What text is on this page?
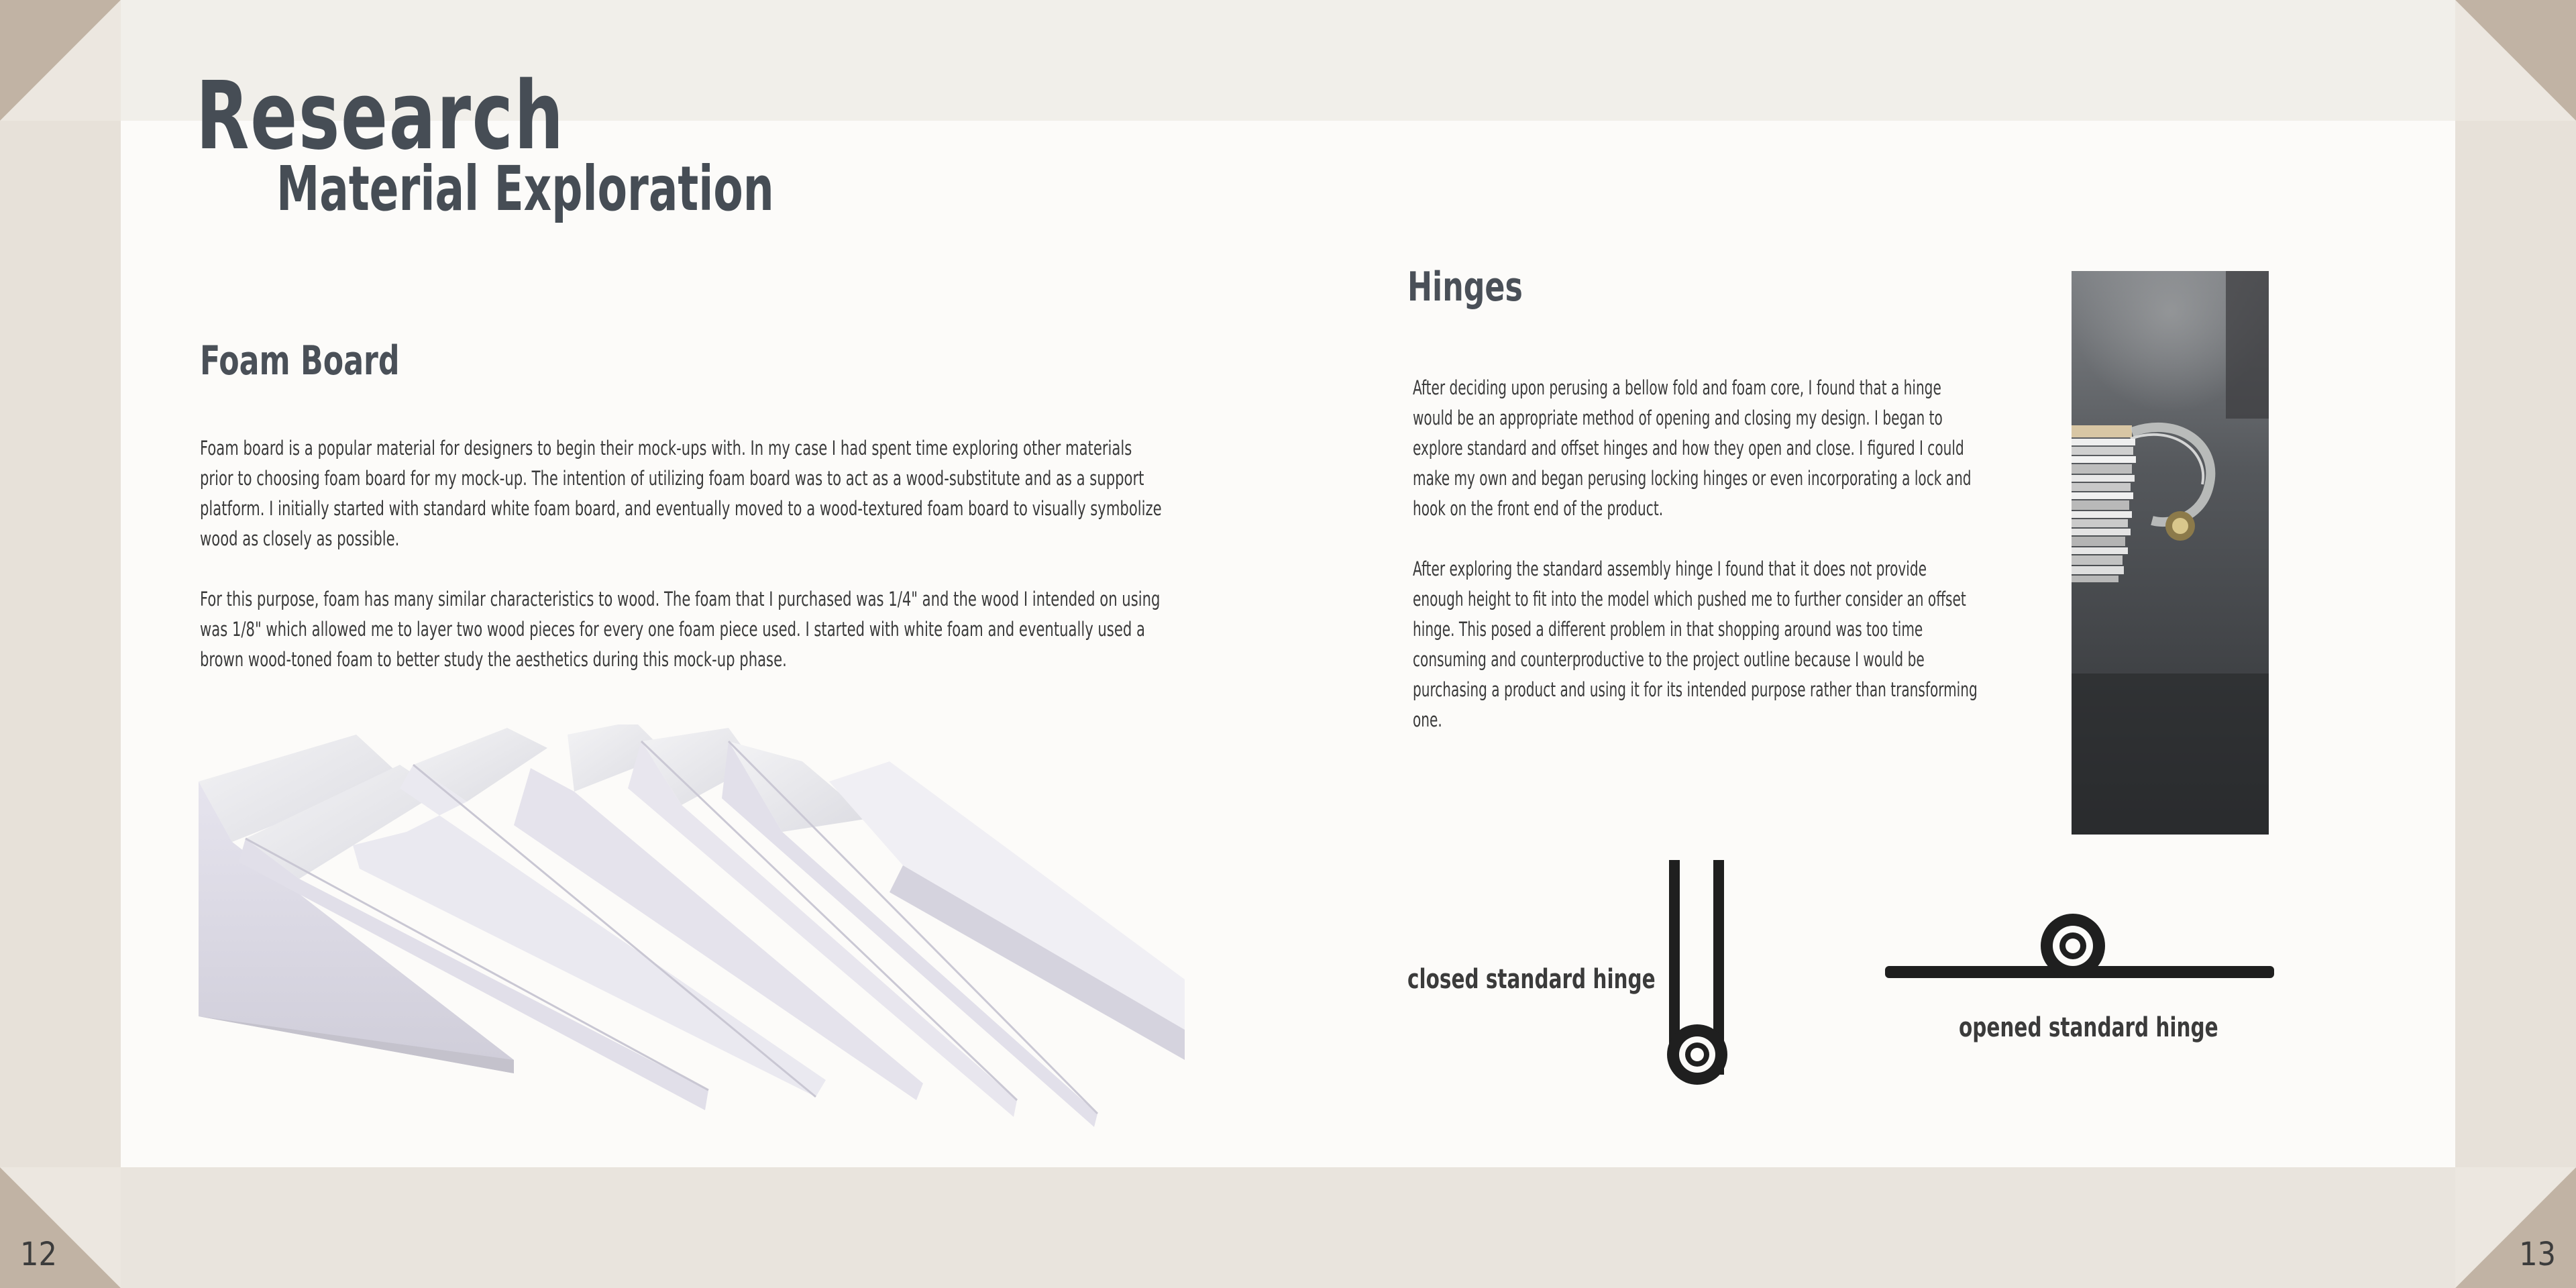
Research
Material Exploration
Foam Board

Foam board is a popular material for designers to begin their mock-ups with. In my case I had spent time exploring other materials prior to choosing foam board for my mock-up. The intention of utilizing foam board was to act as a wood-substitute and as a support platform. I initially started with standard white foam board, and eventually moved to a wood-textured foam board to visually symbolize wood as closely as possible.

For this purpose, foam has many similar characteristics to wood. The foam that I purchased was 1/4" and the wood I intended on using was 1/8" which allowed me to layer two wood pieces for every one foam piece used. I started with white foam and eventually used a brown wood-toned foam to better study the aesthetics during this mock-up phase.

Hinges

After deciding upon perusing a bellow fold and foam core, I found that a hinge would be an appropriate method of opening and closing my design. I began to explore standard and offset hinges and how they open and close. I figured I could make my own and began perusing locking hinges or even incorporating a lock and hook on the front end of the product.

After exploring the standard assembly hinge I found that it does not provide enough height to fit into the model which pushed me to further consider an offset hinge. This posed a different problem in that shopping around was too time consuming and counterproductive to the project outline because I would be purchasing a product and using it for its intended purpose rather than transforming one.

closed standard hinge

opened standard hinge

12	13
